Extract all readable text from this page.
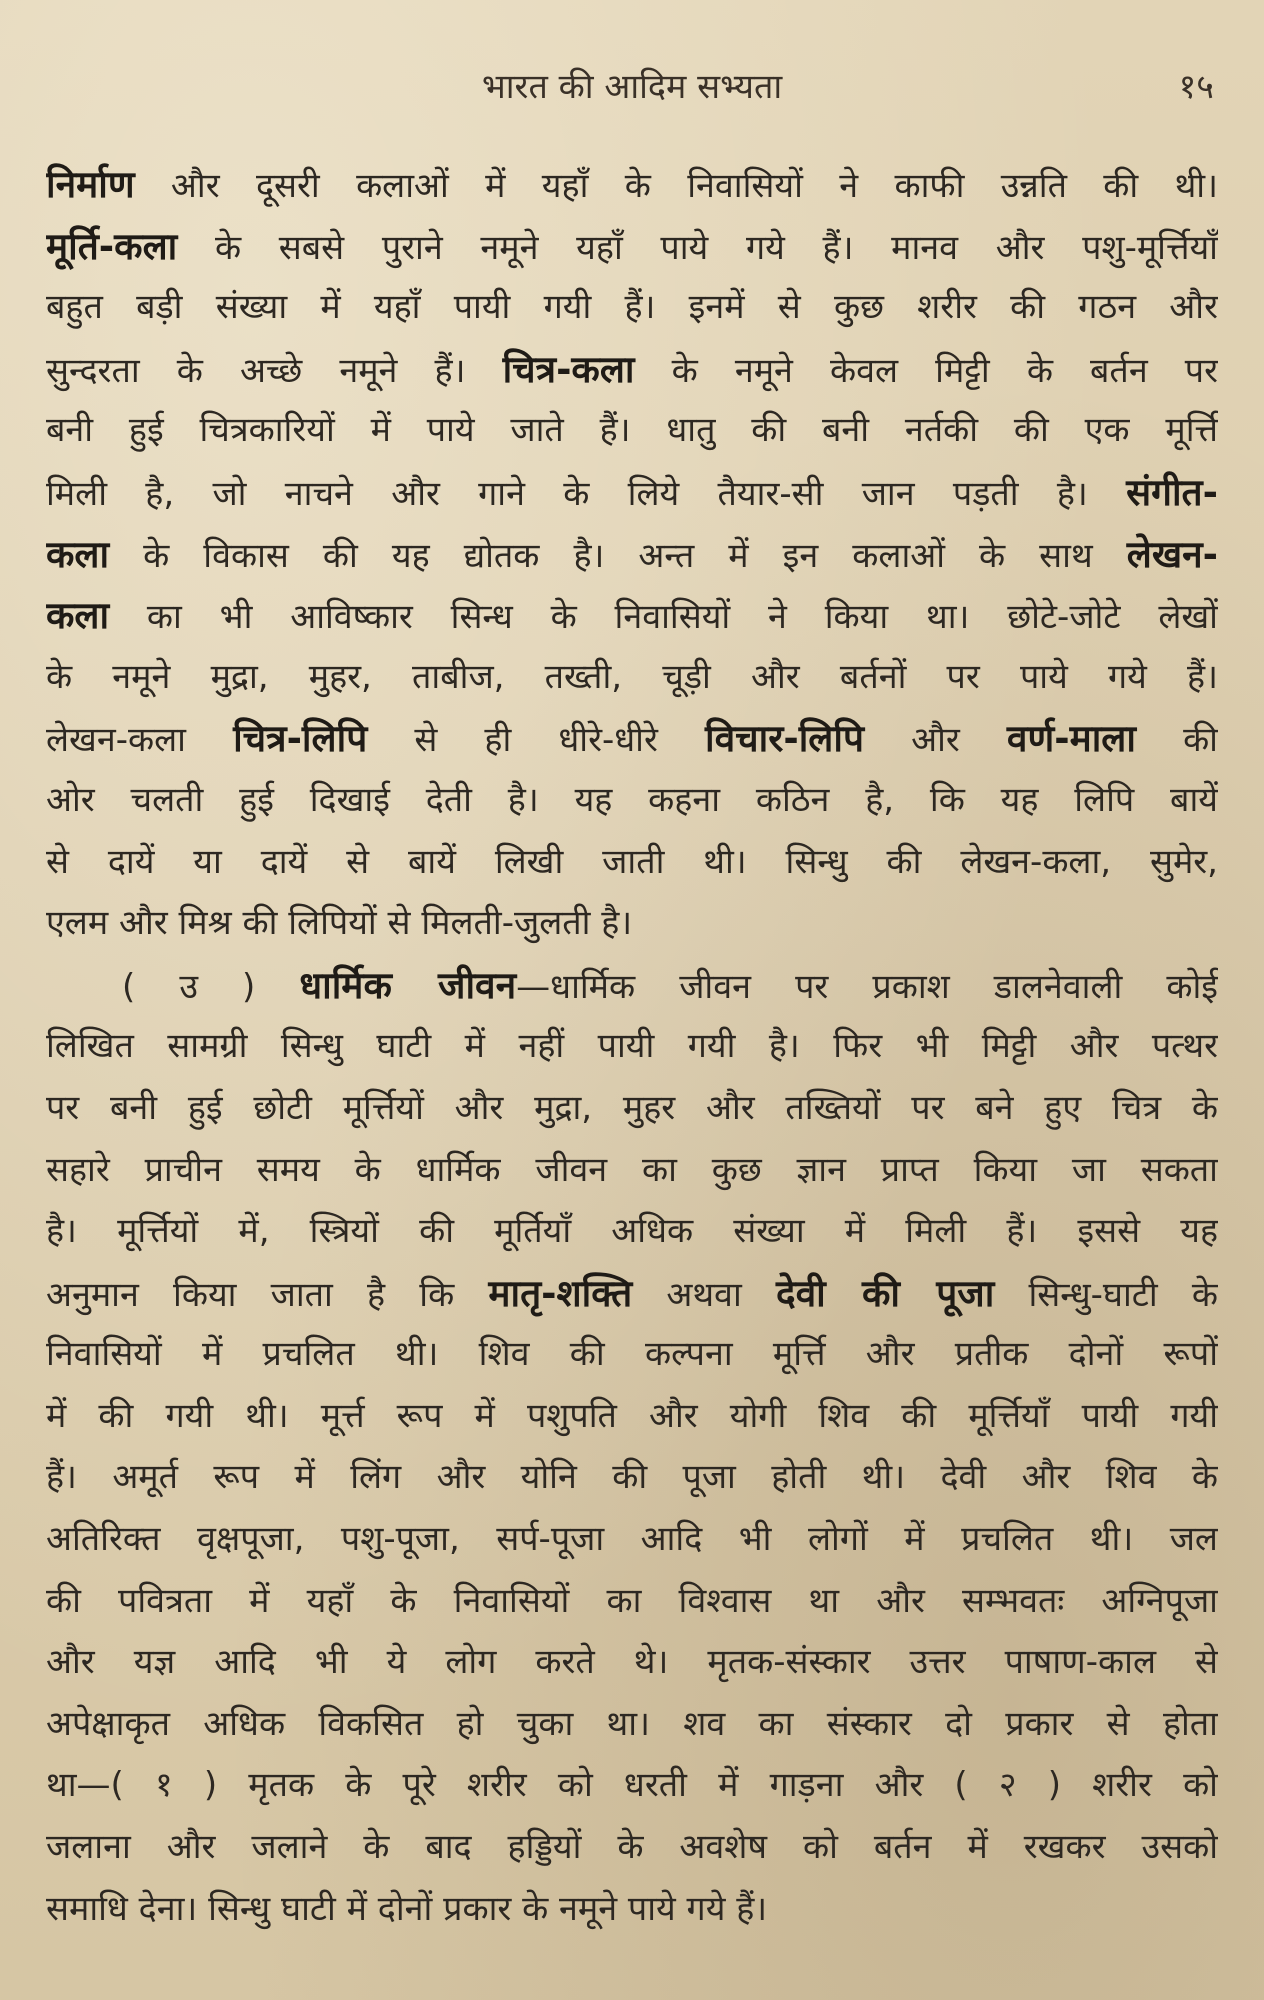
भारत की आदिम सभ्यता	१५
निर्माण और दूसरी कलाओं में यहाँ के निवासियों ने काफी उन्नति की थी।
मूर्ति-कला के सबसे पुराने नमूने यहाँ पाये गये हैं। मानव और पशु-मूर्त्तियाँ
बहुत बड़ी संख्या में यहाँ पायी गयी हैं। इनमें से कुछ शरीर की गठन और
सुन्दरता के अच्छे नमूने हैं। चित्र-कला के नमूने केवल मिट्टी के बर्तन पर
बनी हुई चित्रकारियों में पाये जाते हैं। धातु की बनी नर्तकी की एक मूर्त्ति
मिली है, जो नाचने और गाने के लिये तैयार-सी जान पड़ती है। संगीत-
कला के विकास की यह द्योतक है। अन्त में इन कलाओं के साथ लेखन-
कला का भी आविष्कार सिन्ध के निवासियों ने किया था। छोटे-जोटे लेखों
के नमूने मुद्रा, मुहर, ताबीज, तख्ती, चूड़ी और बर्तनों पर पाये गये हैं।
लेखन-कला चित्र-लिपि से ही धीरे-धीरे विचार-लिपि और वर्ण-माला की
ओर चलती हुई दिखाई देती है। यह कहना कठिन है, कि यह लिपि बायें
से दायें या दायें से बायें लिखी जाती थी। सिन्धु की लेखन-कला, सुमेर,
एलम और मिश्र की लिपियों से मिलती-जुलती है।
( उ ) धार्मिक जीवन—धार्मिक जीवन पर प्रकाश डालनेवाली कोई
लिखित सामग्री सिन्धु घाटी में नहीं पायी गयी है। फिर भी मिट्टी और पत्थर
पर बनी हुई छोटी मूर्त्तियों और मुद्रा, मुहर और तख्तियों पर बने हुए चित्र के
सहारे प्राचीन समय के धार्मिक जीवन का कुछ ज्ञान प्राप्त किया जा सकता
है। मूर्त्तियों में, स्त्रियों की मूर्तियाँ अधिक संख्या में मिली हैं। इससे यह
अनुमान किया जाता है कि मातृ-शक्ति अथवा देवी की पूजा सिन्धु-घाटी के
निवासियों में प्रचलित थी। शिव की कल्पना मूर्त्ति और प्रतीक दोनों रूपों
में की गयी थी। मूर्त्त रूप में पशुपति और योगी शिव की मूर्त्तियाँ पायी गयी
हैं। अमूर्त रूप में लिंग और योनि की पूजा होती थी। देवी और शिव के
अतिरिक्त वृक्षपूजा, पशु-पूजा, सर्प-पूजा आदि भी लोगों में प्रचलित थी। जल
की पवित्रता में यहाँ के निवासियों का विश्वास था और सम्भवतः अग्निपूजा
और यज्ञ आदि भी ये लोग करते थे। मृतक-संस्कार उत्तर पाषाण-काल से
अपेक्षाकृत अधिक विकसित हो चुका था। शव का संस्कार दो प्रकार से होता
था—( १ ) मृतक के पूरे शरीर को धरती में गाड़ना और ( २ ) शरीर को
जलाना और जलाने के बाद हड्डियों के अवशेष को बर्तन में रखकर उसको
समाधि देना। सिन्धु घाटी में दोनों प्रकार के नमूने पाये गये हैं।
